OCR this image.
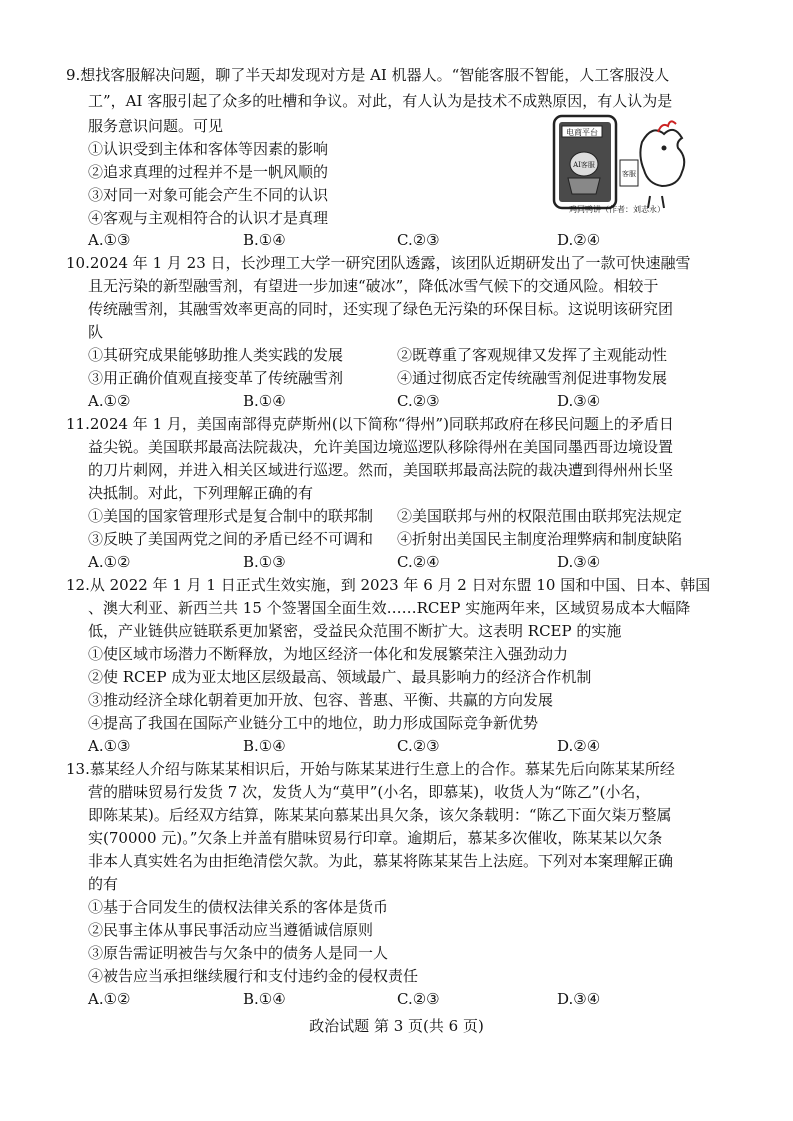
9.想找客服解决问题，聊了半天却发现对方是 AI 机器人。“智能客服不智能，人工客服没人
工”，AI 客服引起了众多的吐槽和争议。对此，有人认为是技术不成熟原因，有人认为是
服务意识问题。可见
①认识受到主体和客体等因素的影响
②追求真理的过程并不是一帆风顺的
③对同一对象可能会产生不同的认识
④客观与主观相符合的认识才是真理
电商平台
AI客服
客服
鸡同鸭讲（作者：刘志永）
A.①③	B.①④	C.②③	D.②④
10.2024 年 1 月 23 日，长沙理工大学一研究团队透露，该团队近期研发出了一款可快速融雪
且无污染的新型融雪剂，有望进一步加速“破冰”，降低冰雪气候下的交通风险。相较于
传统融雪剂，其融雪效率更高的同时，还实现了绿色无污染的环保目标。这说明该研究团
队
①其研究成果能够助推人类实践的发展	②既尊重了客观规律又发挥了主观能动性
③用正确价值观直接变革了传统融雪剂	④通过彻底否定传统融雪剂促进事物发展
A.①②	B.①④	C.②③	D.③④
11.2024 年 1 月，美国南部得克萨斯州(以下简称“得州”)同联邦政府在移民问题上的矛盾日
益尖锐。美国联邦最高法院裁决，允许美国边境巡逻队移除得州在美国同墨西哥边境设置
的刀片刺网，并进入相关区域进行巡逻。然而，美国联邦最高法院的裁决遭到得州州长坚
决抵制。对此，下列理解正确的有
①美国的国家管理形式是复合制中的联邦制 ②美国联邦与州的权限范围由联邦宪法规定
③反映了美国两党之间的矛盾已经不可调和 ④折射出美国民主制度治理弊病和制度缺陷
A.①②	B.①③	C.②④	D.③④
12.从 2022 年 1 月 1 日正式生效实施，到 2023 年 6 月 2 日对东盟 10 国和中国、日本、韩国
、澳大利亚、新西兰共 15 个签署国全面生效……RCEP 实施两年来，区域贸易成本大幅降
低，产业链供应链联系更加紧密，受益民众范围不断扩大。这表明 RCEP 的实施
①使区域市场潜力不断释放，为地区经济一体化和发展繁荣注入强劲动力
②使 RCEP 成为亚太地区层级最高、领域最广、最具影响力的经济合作机制
③推动经济全球化朝着更加开放、包容、普惠、平衡、共赢的方向发展
④提高了我国在国际产业链分工中的地位，助力形成国际竞争新优势
A.①③	B.①④	C.②③	D.②④
13.慕某经人介绍与陈某某相识后，开始与陈某某进行生意上的合作。慕某先后向陈某某所经
营的腊味贸易行发货 7 次，发货人为“莫甲”(小名，即慕某)，收货人为“陈乙”(小名，
即陈某某)。后经双方结算，陈某某向慕某出具欠条，该欠条载明：“陈乙下面欠柒万整属
实(70000 元)。”欠条上并盖有腊味贸易行印章。逾期后，慕某多次催收，陈某某以欠条
非本人真实姓名为由拒绝清偿欠款。为此，慕某将陈某某告上法庭。下列对本案理解正确
的有
①基于合同发生的债权法律关系的客体是货币
②民事主体从事民事活动应当遵循诚信原则
③原告需证明被告与欠条中的债务人是同一人
④被告应当承担继续履行和支付违约金的侵权责任
A.①②	B.①④	C.②③	D.③④
政治试题 第 3 页(共 6 页)
